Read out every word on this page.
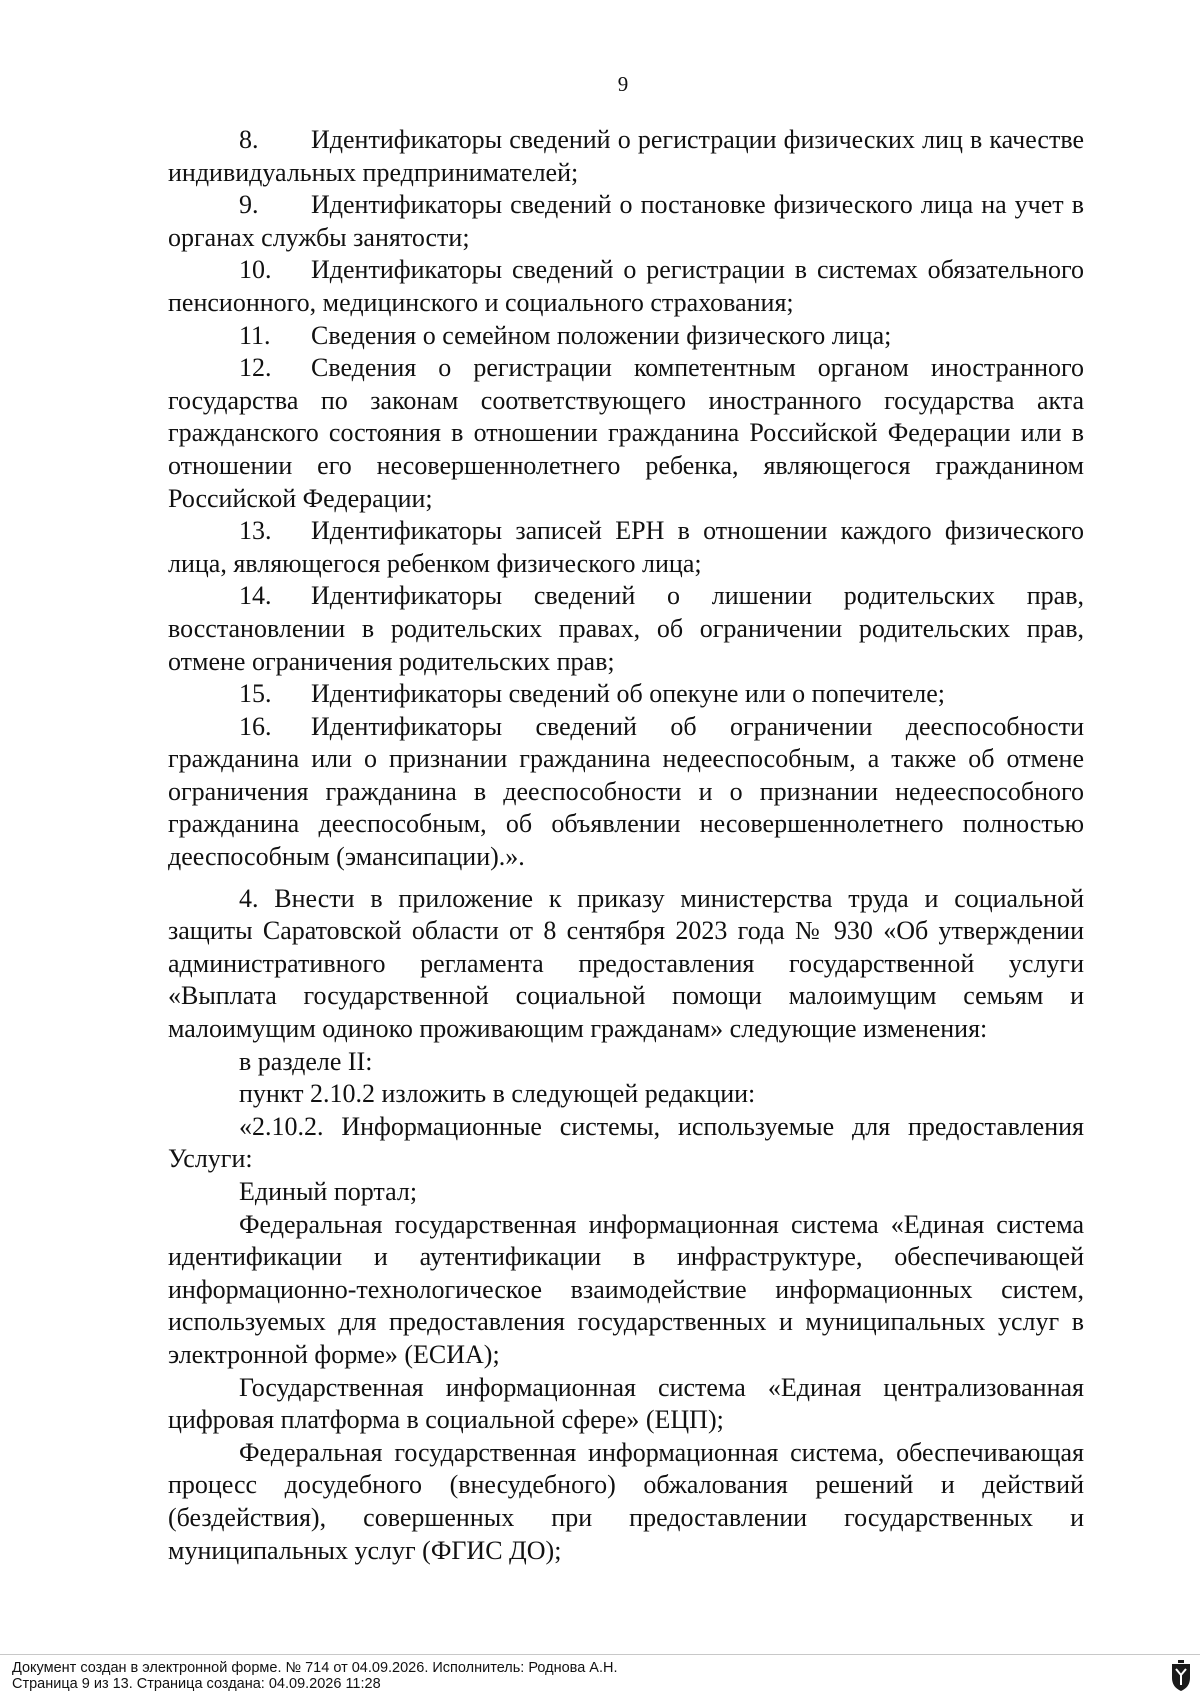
9

8. Идентификаторы сведений о регистрации физических лиц в качестве индивидуальных предпринимателей;

9. Идентификаторы сведений о постановке физического лица на учет в органах службы занятости;

10. Идентификаторы сведений о регистрации в системах обязательного пенсионного, медицинского и социального страхования;

11. Сведения о семейном положении физического лица;

12. Сведения о регистрации компетентным органом иностранного государства по законам соответствующего иностранного государства акта гражданского состояния в отношении гражданина Российской Федерации или в отношении его несовершеннолетнего ребенка, являющегося гражданином Российской Федерации;

13. Идентификаторы записей ЕРН в отношении каждого физического лица, являющегося ребенком физического лица;

14. Идентификаторы сведений о лишении родительских прав, восстановлении в родительских правах, об ограничении родительских прав, отмене ограничения родительских прав;

15. Идентификаторы сведений об опекуне или о попечителе;

16. Идентификаторы сведений об ограничении дееспособности гражданина или о признании гражданина недееспособным, а также об отмене ограничения гражданина в дееспособности и о признании недееспособного гражданина дееспособным, об объявлении несовершеннолетнего полностью дееспособным (эмансипации).».

4. Внести в приложение к приказу министерства труда и социальной защиты Саратовской области от 8 сентября 2023 года № 930 «Об утверждении административного регламента предоставления государственной услуги «Выплата государственной социальной помощи малоимущим семьям и малоимущим одиноко проживающим гражданам» следующие изменения:

в разделе II:

пункт 2.10.2 изложить в следующей редакции:

«2.10.2. Информационные системы, используемые для предоставления Услуги:

Единый портал;

Федеральная государственная информационная система «Единая система идентификации и аутентификации в инфраструктуре, обеспечивающей информационно-технологическое взаимодействие информационных систем, используемых для предоставления государственных и муниципальных услуг в электронной форме» (ЕСИА);

Государственная информационная система «Единая централизованная цифровая платформа в социальной сфере» (ЕЦП);

Федеральная государственная информационная система, обеспечивающая процесс досудебного (внесудебного) обжалования решений и действий (бездействия), совершенных при предоставлении государственных и муниципальных услуг (ФГИС ДО);

Документ создан в электронной форме. № 714 от 04.09.2026. Исполнитель: Роднова А.Н.
Страница 9 из 13. Страница создана: 04.09.2026 11:28
